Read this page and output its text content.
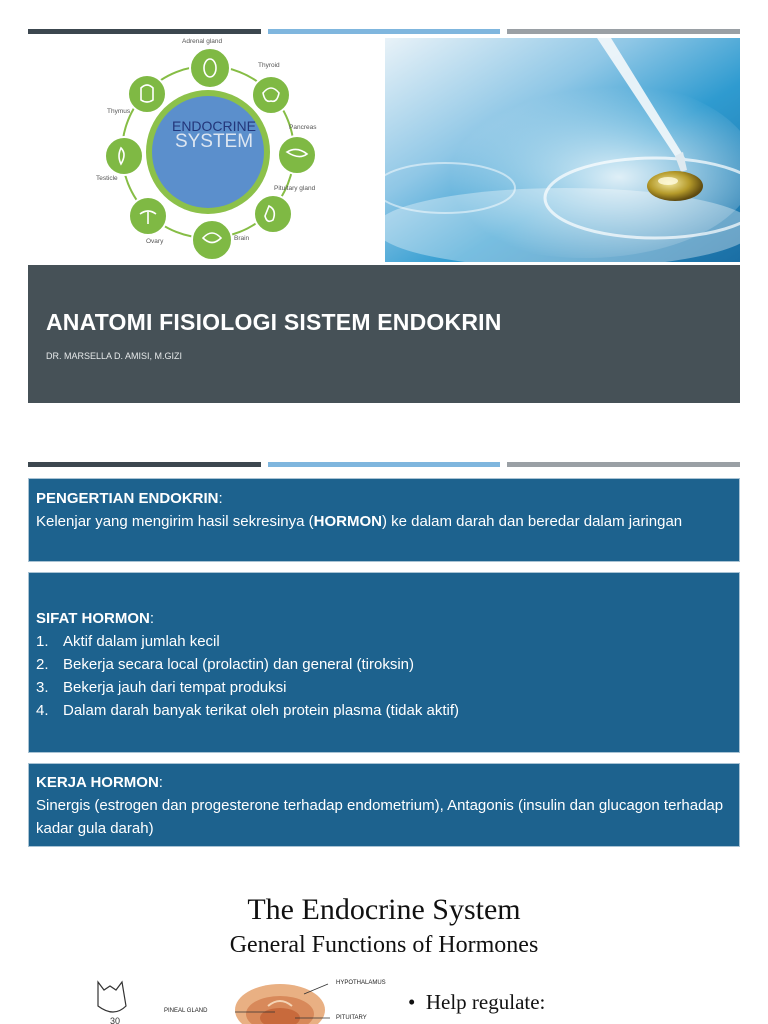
Adrenal gland
Thyroid
Pancreas
Pituitary gland
Brain
Ovary
Testicle
Thymus
ENDOCRINE
SYSTEM
ANATOMI FISIOLOGI SISTEM ENDOKRIN
DR. MARSELLA D. AMISI, M.GIZI
PENGERTIAN ENDOKRIN:
Kelenjar yang mengirim hasil sekresinya (HORMON) ke dalam darah dan beredar dalam jaringan
SIFAT HORMON:
1. Aktif dalam jumlah kecil
2. Bekerja secara local (prolactin) dan general (tiroksin)
3. Bekerja jauh dari tempat produksi
4. Dalam darah banyak terikat oleh protein plasma (tidak aktif)
KERJA HORMON:
Sinergis (estrogen dan progesterone terhadap endometrium), Antagonis (insulin dan glucagon terhadap kadar gula darah)
The Endocrine System
General Functions of Hormones
30
PINEAL GLAND
HYPOTHALAMUS
PITUITARY
• Help regulate:
